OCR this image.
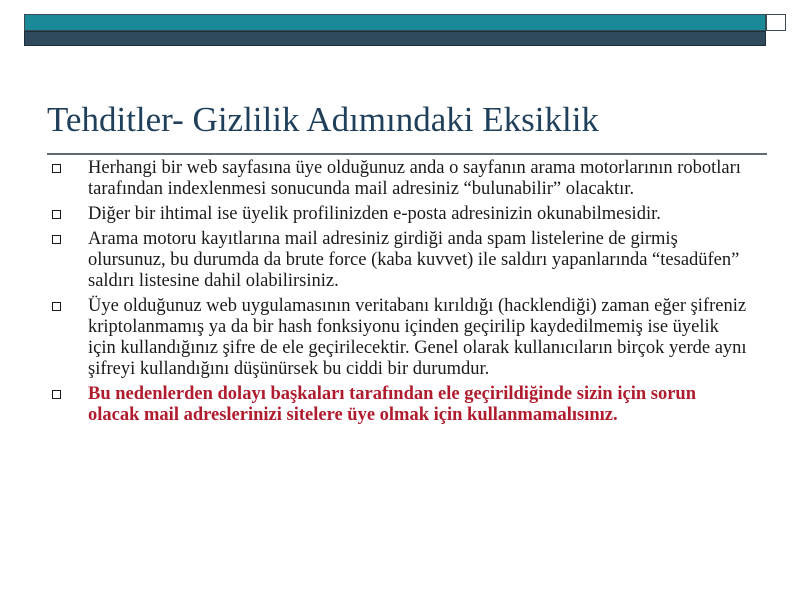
Tehditler- Gizlilik Adımındaki Eksiklik
Herhangi bir web sayfasına üye olduğunuz anda o sayfanın arama motorlarının robotları tarafından indexlenmesi sonucunda mail adresiniz “bulunabilir” olacaktır.
Diğer bir ihtimal ise üyelik profilinizden e-posta adresinizin okunabilmesidir.
Arama motoru kayıtlarına mail adresiniz girdiği anda spam listelerine de girmiş olursunuz, bu durumda da brute force (kaba kuvvet) ile saldırı yapanlarında “tesadüfen” saldırı listesine dahil olabilirsiniz.
Üye olduğunuz web uygulamasının veritabanı kırıldığı (hacklendiği) zaman eğer şifreniz kriptolanmamış ya da bir hash fonksiyonu içinden geçirilip kaydedilmemiş ise üyelik için kullandığınız şifre de ele geçirilecektir. Genel olarak kullanıcıların birçok yerde aynı şifreyi kullandığını düşünürsek bu ciddi bir durumdur.
Bu nedenlerden dolayı başkaları tarafından ele geçirildiğinde sizin için sorun olacak mail adreslerinizi sitelere üye olmak için kullanmamalısınız.
